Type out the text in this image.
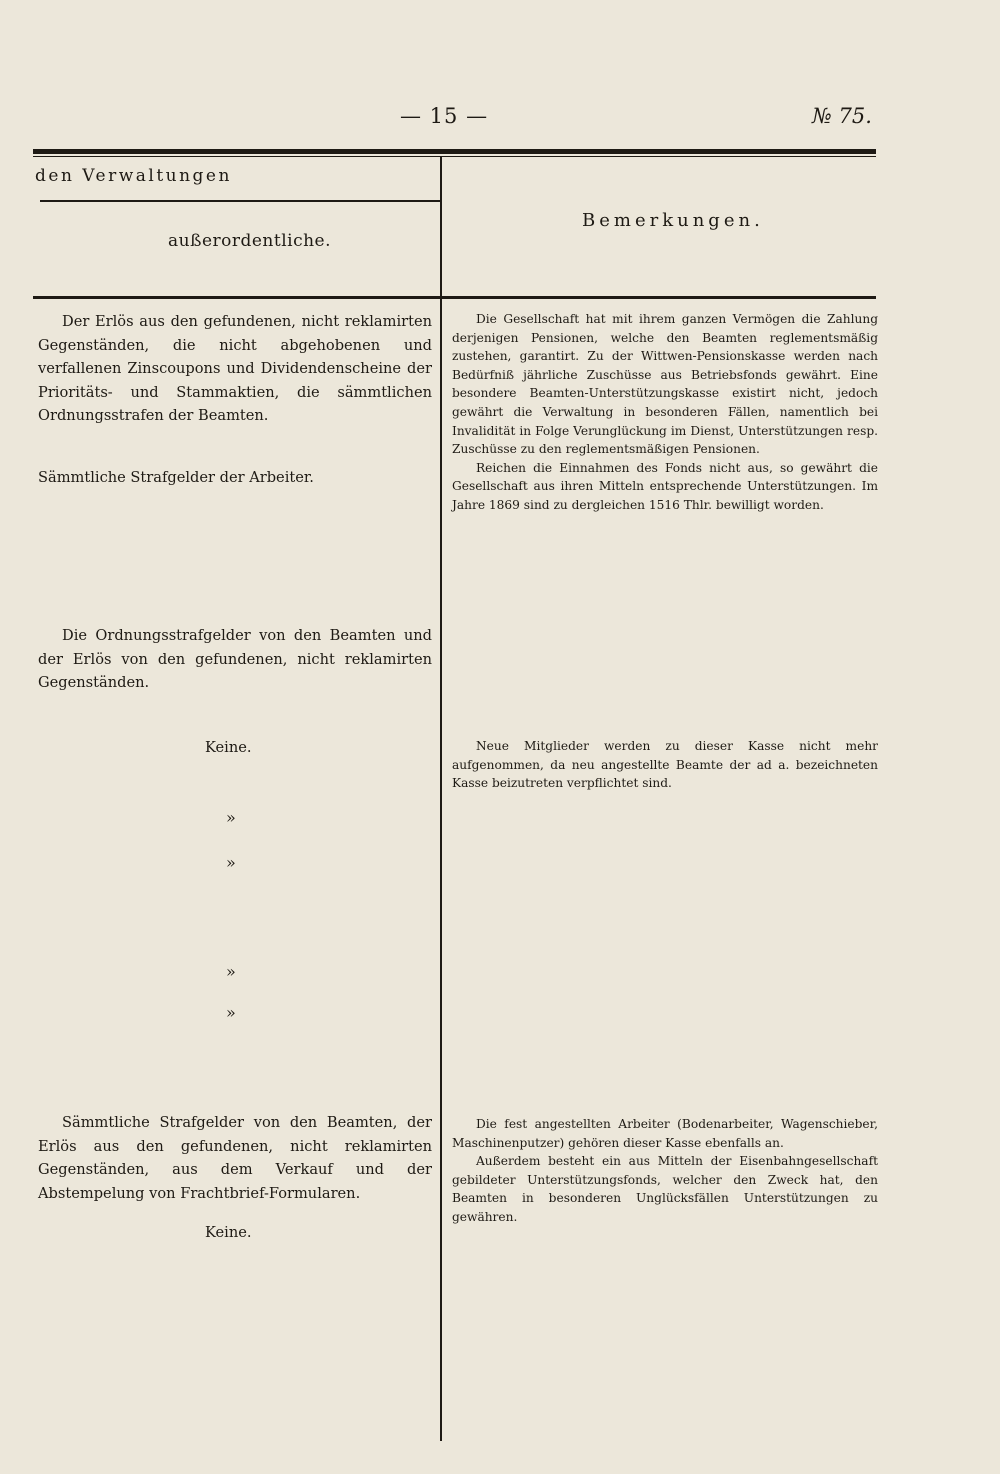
— 15 —	№ 75.
den Verwaltungen
außerordentliche.
Bemerkungen.

Der Erlös aus den gefundenen, nicht reklamirten Gegenständen, die nicht abgehobenen und verfallenen Zinscoupons und Dividendenscheine der Prioritäts- und Stammaktien, die sämmtlichen Ordnungsstrafen der Beamten.

Sämmtliche Strafgelder der Arbeiter.

Die Ordnungsstrafgelder von den Beamten und der Erlös von den gefundenen, nicht reklamirten Gegenständen.

Keine.

»
»
»
»

Sämmtliche Strafgelder von den Beamten, der Erlös aus den gefundenen, nicht reklamirten Gegenständen, aus dem Verkauf und der Abstempelung von Frachtbrief-Formularen.

Keine.

Die Gesellschaft hat mit ihrem ganzen Vermögen die Zahlung derjenigen Pensionen, welche den Beamten reglementsmäßig zustehen, garantirt. Zu der Wittwen-Pensionskasse werden nach Bedürfniß jährliche Zuschüsse aus Betriebsfonds gewährt. Eine besondere Beamten-Unterstützungskasse existirt nicht, jedoch gewährt die Verwaltung in besonderen Fällen, namentlich bei Invalidität in Folge Verunglückung im Dienst, Unterstützungen resp. Zuschüsse zu den reglementsmäßigen Pensionen.

Reichen die Einnahmen des Fonds nicht aus, so gewährt die Gesellschaft aus ihren Mitteln entsprechende Unterstützungen. Im Jahre 1869 sind zu dergleichen 1516 Thlr. bewilligt worden.

Neue Mitglieder werden zu dieser Kasse nicht mehr aufgenommen, da neu angestellte Beamte der ad a. bezeichneten Kasse beizutreten verpflichtet sind.

Die fest angestellten Arbeiter (Bodenarbeiter, Wagenschieber, Maschinenputzer) gehören dieser Kasse ebenfalls an.

Außerdem besteht ein aus Mitteln der Eisenbahngesellschaft gebildeter Unterstützungsfonds, welcher den Zweck hat, den Beamten in besonderen Unglücksfällen Unterstützungen zu gewähren.
